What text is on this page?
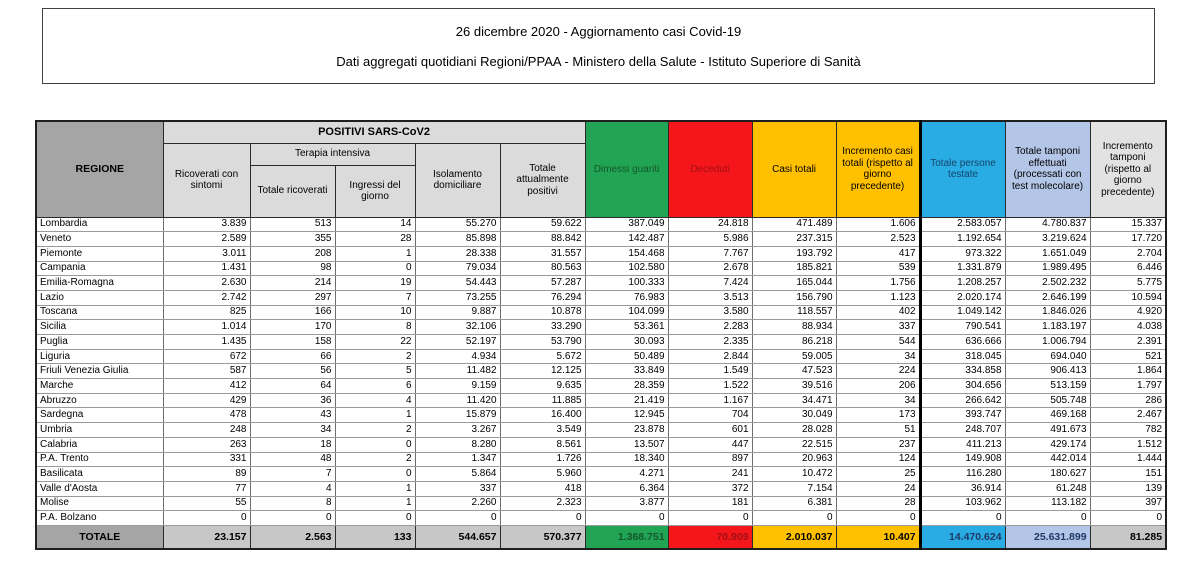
26 dicembre 2020 - Aggiornamento casi Covid-19
Dati aggregati quotidiani Regioni/PPAA - Ministero della Salute - Istituto Superiore di Sanità
REGIONE	POSITIVI SARS-CoV2					Dimessi guariti	Deceduti	Casi totali	Incremento casi totali (rispetto al giorno precedente)	Totale persone testate	Totale tamponi effettuati (processati con test molecolare)	Incremento tamponi (rispetto al giorno precedente)
	Ricoverati con sintomi	Terapia intensiva		Isolamento domiciliare	Totale attualmente positivi							
		Totale ricoverati	Ingressi del giorno									
Lombardia	3.839	513	14	55.270	59.622	387.049	24.818	471.489	1.606	2.583.057	4.780.837	15.337
Veneto	2.589	355	28	85.898	88.842	142.487	5.986	237.315	2.523	1.192.654	3.219.624	17.720
Piemonte	3.011	208	1	28.338	31.557	154.468	7.767	193.792	417	973.322	1.651.049	2.704
Campania	1.431	98	0	79.034	80.563	102.580	2.678	185.821	539	1.331.879	1.989.495	6.446
Emilia-Romagna	2.630	214	19	54.443	57.287	100.333	7.424	165.044	1.756	1.208.257	2.502.232	5.775
Lazio	2.742	297	7	73.255	76.294	76.983	3.513	156.790	1.123	2.020.174	2.646.199	10.594
Toscana	825	166	10	9.887	10.878	104.099	3.580	118.557	402	1.049.142	1.846.026	4.920
Sicilia	1.014	170	8	32.106	33.290	53.361	2.283	88.934	337	790.541	1.183.197	4.038
Puglia	1.435	158	22	52.197	53.790	30.093	2.335	86.218	544	636.666	1.006.794	2.391
Liguria	672	66	2	4.934	5.672	50.489	2.844	59.005	34	318.045	694.040	521
Friuli Venezia Giulia	587	56	5	11.482	12.125	33.849	1.549	47.523	224	334.858	906.413	1.864
Marche	412	64	6	9.159	9.635	28.359	1.522	39.516	206	304.656	513.159	1.797
Abruzzo	429	36	4	11.420	11.885	21.419	1.167	34.471	34	266.642	505.748	286
Sardegna	478	43	1	15.879	16.400	12.945	704	30.049	173	393.747	469.168	2.467
Umbria	248	34	2	3.267	3.549	23.878	601	28.028	51	248.707	491.673	782
Calabria	263	18	0	8.280	8.561	13.507	447	22.515	237	411.213	429.174	1.512
P.A. Trento	331	48	2	1.347	1.726	18.340	897	20.963	124	149.908	442.014	1.444
Basilicata	89	7	0	5.864	5.960	4.271	241	10.472	25	116.280	180.627	151
Valle d'Aosta	77	4	1	337	418	6.364	372	7.154	24	36.914	61.248	139
Molise	55	8	1	2.260	2.323	3.877	181	6.381	28	103.962	113.182	397
P.A. Bolzano	0	0	0	0	0	0	0	0	0	0	0	0
TOTALE	23.157	2.563	133	544.657	570.377	1.368.751	70.909	2.010.037	10.407	14.470.624	25.631.899	81.285
